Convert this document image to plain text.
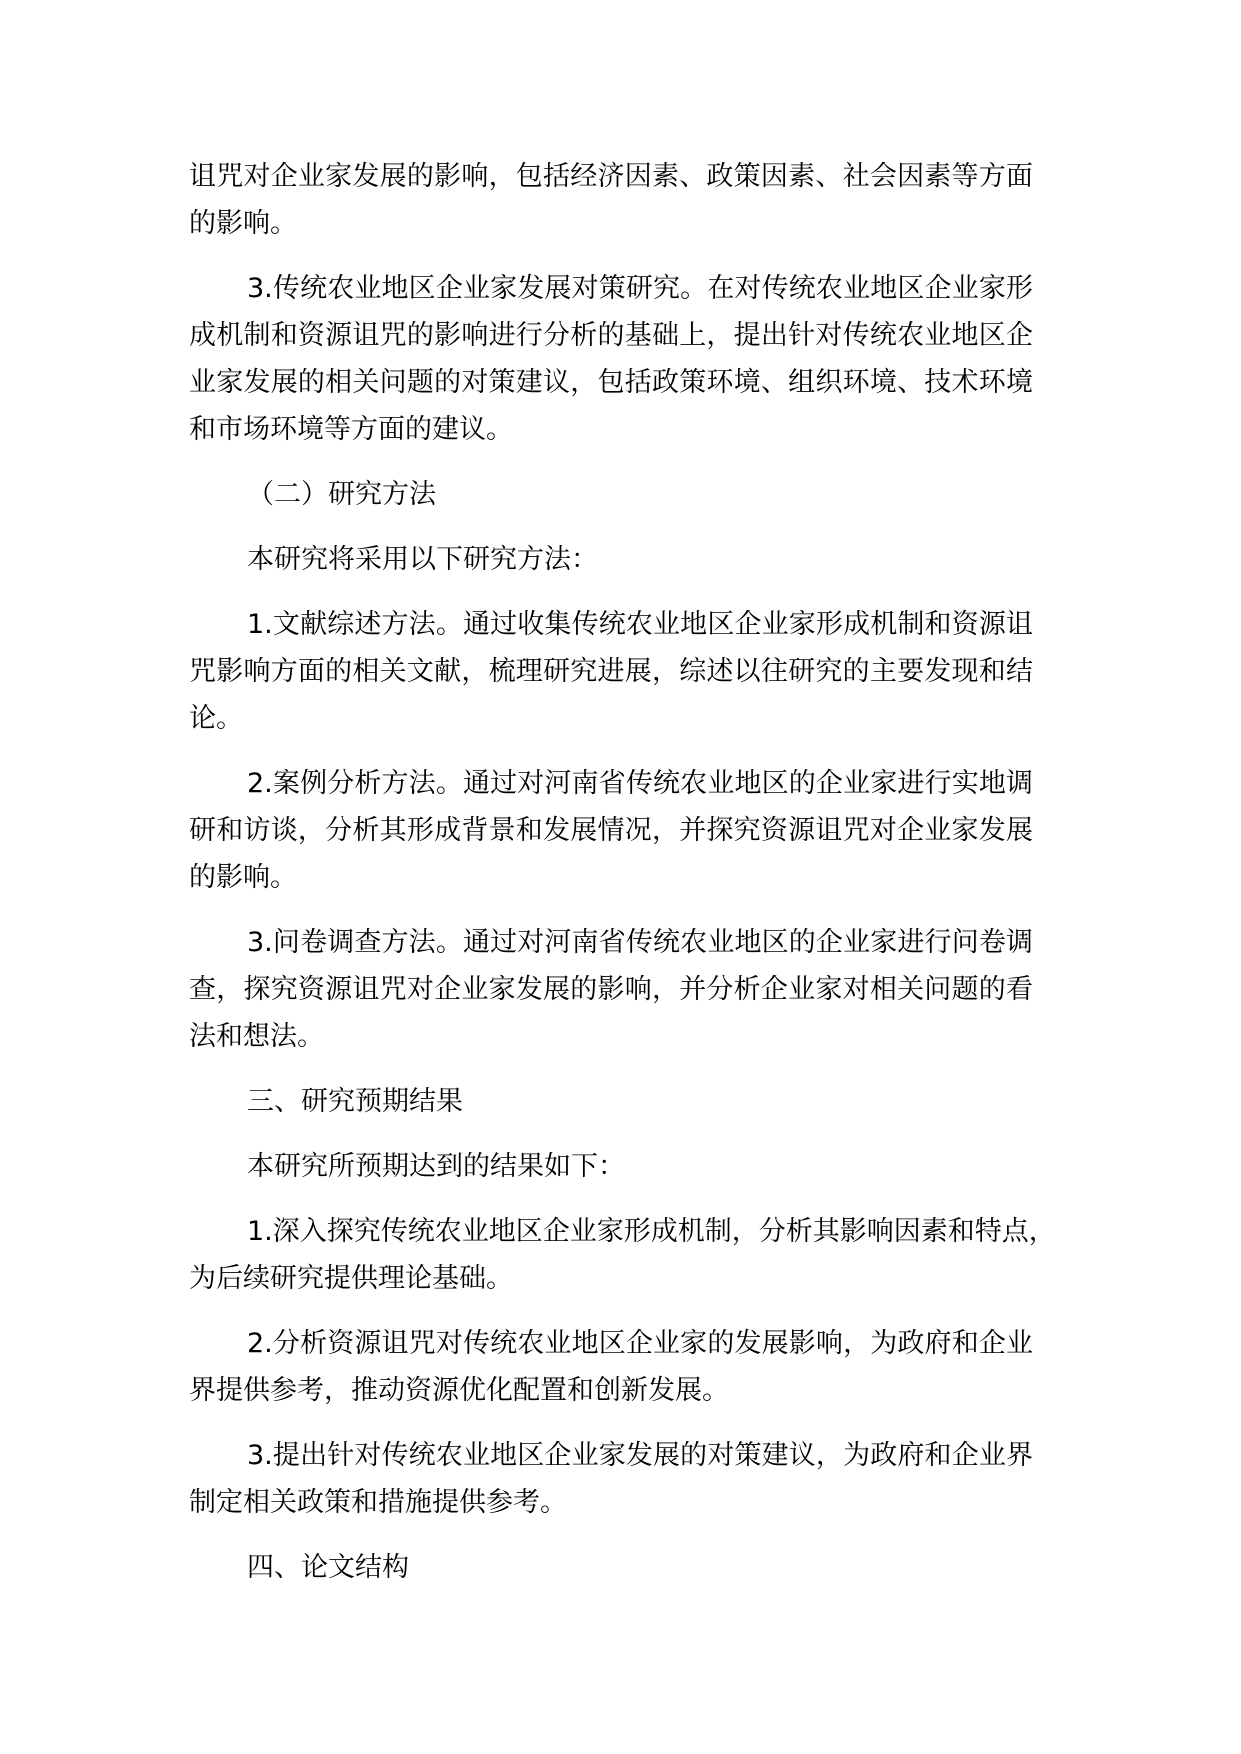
诅咒对企业家发展的影响，包括经济因素、政策因素、社会因素等方面
的影响。
3.传统农业地区企业家发展对策研究。在对传统农业地区企业家形
成机制和资源诅咒的影响进行分析的基础上，提出针对传统农业地区企
业家发展的相关问题的对策建议，包括政策环境、组织环境、技术环境
和市场环境等方面的建议。
（二）研究方法
本研究将采用以下研究方法：
1.文献综述方法。通过收集传统农业地区企业家形成机制和资源诅
咒影响方面的相关文献，梳理研究进展，综述以往研究的主要发现和结
论。
2.案例分析方法。通过对河南省传统农业地区的企业家进行实地调
研和访谈，分析其形成背景和发展情况，并探究资源诅咒对企业家发展
的影响。
3.问卷调查方法。通过对河南省传统农业地区的企业家进行问卷调
查，探究资源诅咒对企业家发展的影响，并分析企业家对相关问题的看
法和想法。
三、研究预期结果
本研究所预期达到的结果如下：
1.深入探究传统农业地区企业家形成机制，分析其影响因素和特点，
为后续研究提供理论基础。
2.分析资源诅咒对传统农业地区企业家的发展影响，为政府和企业
界提供参考，推动资源优化配置和创新发展。
3.提出针对传统农业地区企业家发展的对策建议，为政府和企业界
制定相关政策和措施提供参考。
四、论文结构
